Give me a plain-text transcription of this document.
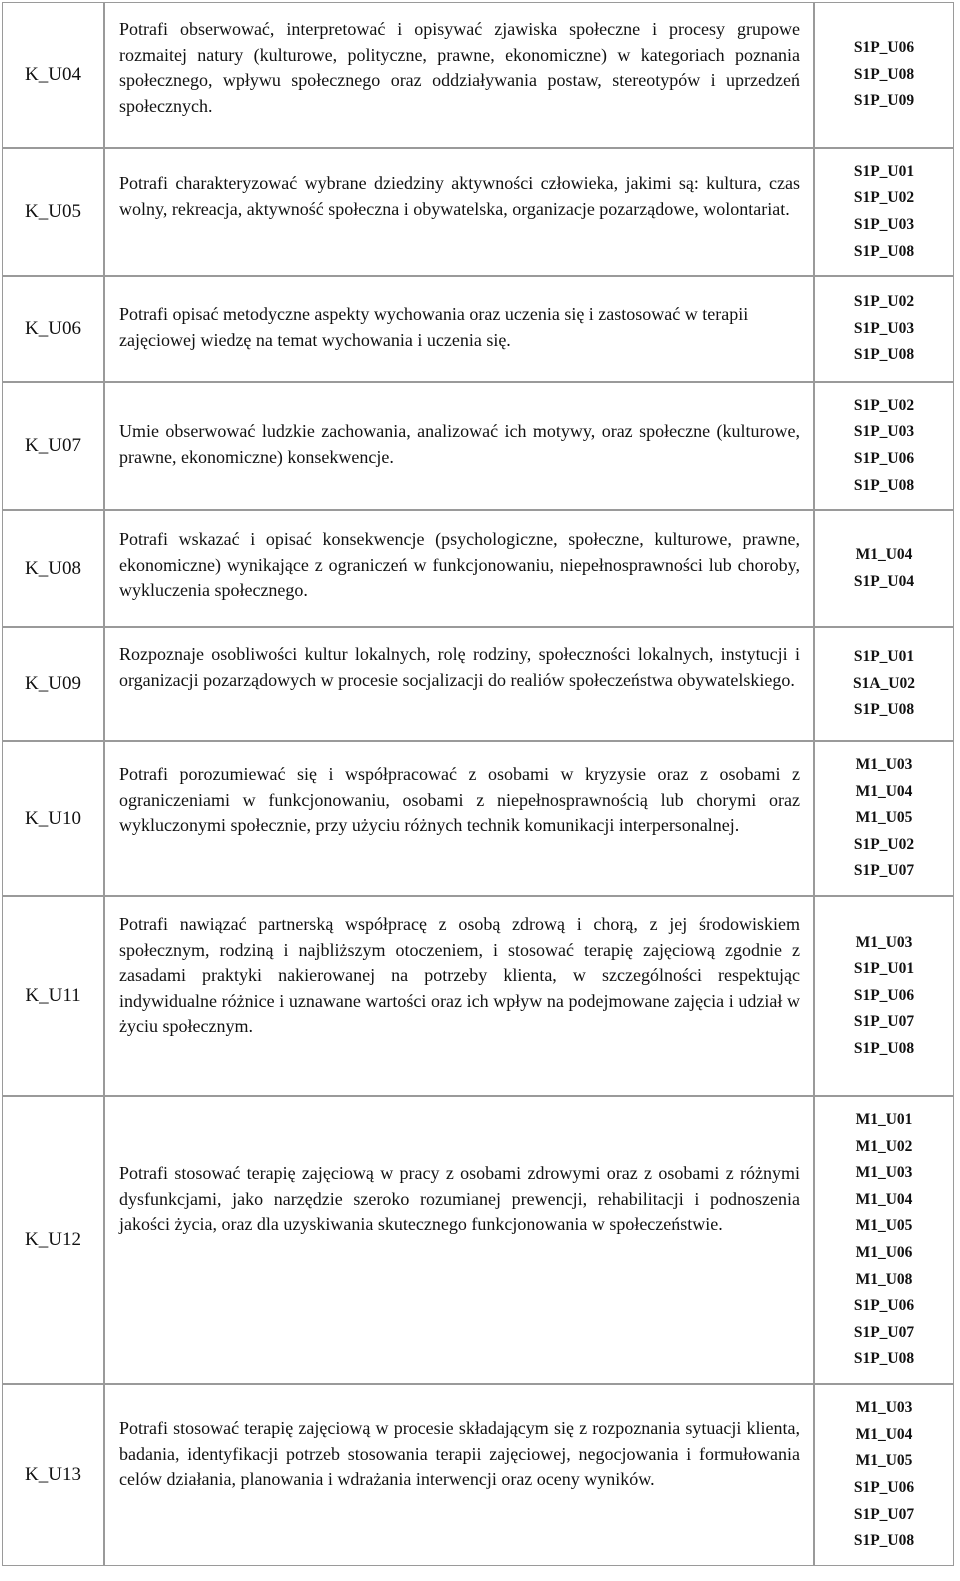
K_U04
Potrafi obserwować, interpretować i opisywać zjawiska społeczne i procesy grupowe rozmaitej natury (kulturowe, polityczne, prawne, ekonomiczne) w kategoriach poznania społecznego, wpływu społecznego oraz oddziaływania postaw, stereotypów i uprzedzeń społecznych.
S1P_U06
S1P_U08
S1P_U09
K_U05
Potrafi charakteryzować wybrane dziedziny aktywności człowieka, jakimi są: kultura, czas wolny, rekreacja, aktywność społeczna i obywatelska, organizacje pozarządowe, wolontariat.
S1P_U01
S1P_U02
S1P_U03
S1P_U08
K_U06
Potrafi opisać metodyczne aspekty wychowania oraz uczenia się i zastosować w terapii zajęciowej wiedzę na temat wychowania i uczenia się.
S1P_U02
S1P_U03
S1P_U08
K_U07
Umie obserwować ludzkie zachowania, analizować ich motywy, oraz społeczne (kulturowe, prawne, ekonomiczne) konsekwencje.
S1P_U02
S1P_U03
S1P_U06
S1P_U08
K_U08
Potrafi wskazać i opisać konsekwencje (psychologiczne, społeczne, kulturowe, prawne, ekonomiczne) wynikające z ograniczeń w funkcjonowaniu, niepełnosprawności lub choroby, wykluczenia społecznego.
M1_U04
S1P_U04
K_U09
Rozpoznaje osobliwości kultur lokalnych, rolę rodziny, społeczności lokalnych, instytucji i organizacji pozarządowych w procesie socjalizacji do realiów społeczeństwa obywatelskiego.
S1P_U01
S1A_U02
S1P_U08
K_U10
Potrafi porozumiewać się i współpracować z osobami w kryzysie oraz z osobami z ograniczeniami w funkcjonowaniu, osobami z niepełnosprawnością lub chorymi oraz wykluczonymi społecznie, przy użyciu różnych technik komunikacji interpersonalnej.
M1_U03
M1_U04
M1_U05
S1P_U02
S1P_U07
K_U11
Potrafi nawiązać partnerską współpracę z osobą zdrową i chorą, z jej środowiskiem społecznym, rodziną i najbliższym otoczeniem, i stosować terapię zajęciową zgodnie z zasadami praktyki nakierowanej na potrzeby klienta, w szczególności respektując indywidualne różnice i uznawane wartości oraz ich wpływ na podejmowane zajęcia i udział w życiu społecznym.
M1_U03
S1P_U01
S1P_U06
S1P_U07
S1P_U08
K_U12
Potrafi stosować terapię zajęciową w pracy z osobami zdrowymi oraz z osobami z różnymi dysfunkcjami, jako narzędzie szeroko rozumianej prewencji, rehabilitacji i podnoszenia jakości życia, oraz dla uzyskiwania skutecznego funkcjonowania w społeczeństwie.
M1_U01
M1_U02
M1_U03
M1_U04
M1_U05
M1_U06
M1_U08
S1P_U06
S1P_U07
S1P_U08
K_U13
Potrafi stosować terapię zajęciową w procesie składającym się z rozpoznania sytuacji klienta, badania, identyfikacji potrzeb stosowania terapii zajęciowej, negocjowania i formułowania celów działania, planowania i wdrażania interwencji oraz oceny wyników.
M1_U03
M1_U04
M1_U05
S1P_U06
S1P_U07
S1P_U08
